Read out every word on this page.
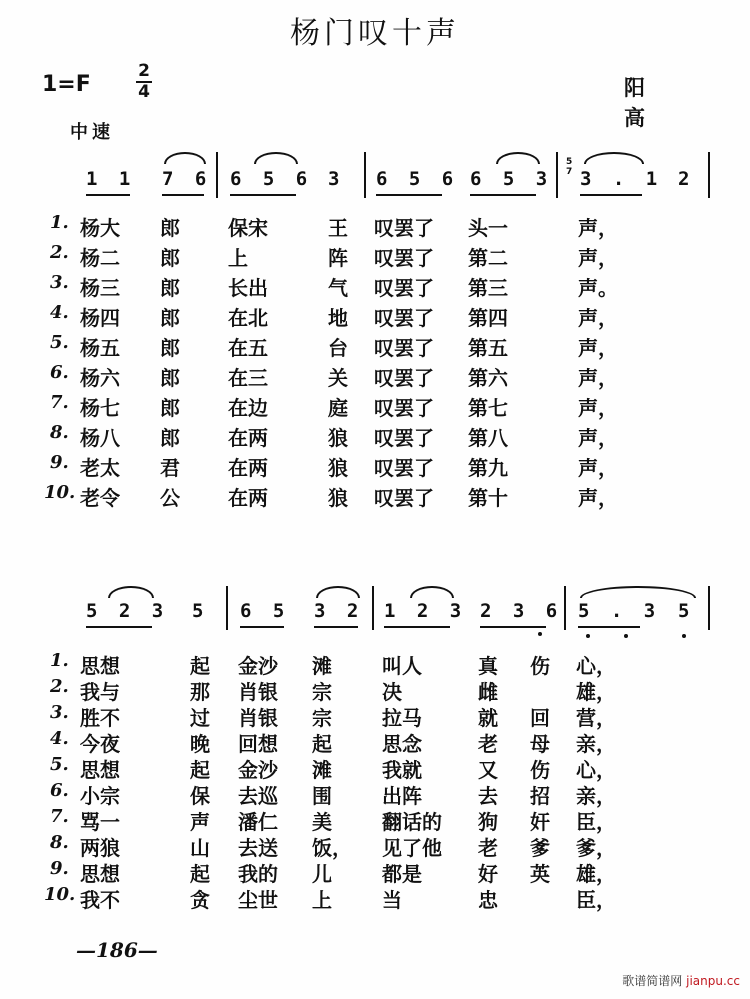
杨门叹十声
1=F
2
4	阳 高
中速
1 1 7 6 6 5 6 3 6 5 6 6 5 3 3 . 1 2
5
7
1. 杨大 郎 保宋	王 叹罢了 头一	声，
2. 杨二 郎 上	阵 叹罢了 第二	声，
3. 杨三 郎 长出	气 叹罢了 第三	声。
4. 杨四 郎 在北	地 叹罢了 第四	声，
5. 杨五 郎 在五	台 叹罢了 第五	声，
6. 杨六 郎 在三	关 叹罢了 第六	声，
7. 杨七 郎 在边	庭 叹罢了 第七	声，
8. 杨八 郎 在两	狼 叹罢了 第八	声，
9. 老太 君 在两	狼 叹罢了 第九	声，
10. 老令 公 在两	狼 叹罢了 第十	声，
5 2 3 5 6 5 3 2 1 2 3 2 3 6 5 . 3 5
1. 思想	起 金沙 滩	叫人	真 伤 心，
2. 我与	那 肖银 宗	决	雌	雄，
3. 胜不	过 肖银 宗	拉马	就 回 营，
4. 今夜	晚 回想 起	思念	老 母 亲，
5. 思想	起 金沙 滩	我就	又 伤 心，
6. 小宗	保 去巡 围	出阵	去 招 亲，
7. 骂一	声 潘仁 美	翻话的 狗 奸 臣，
8. 两狼	山 去送 饭， 见了他 老 爹 爹，
9. 思想	起 我的 儿	都是	好 英 雄，
10. 我不	贪 尘世 上	当	忠	臣，
—186—
歌谱简谱网 jianpu.cc
